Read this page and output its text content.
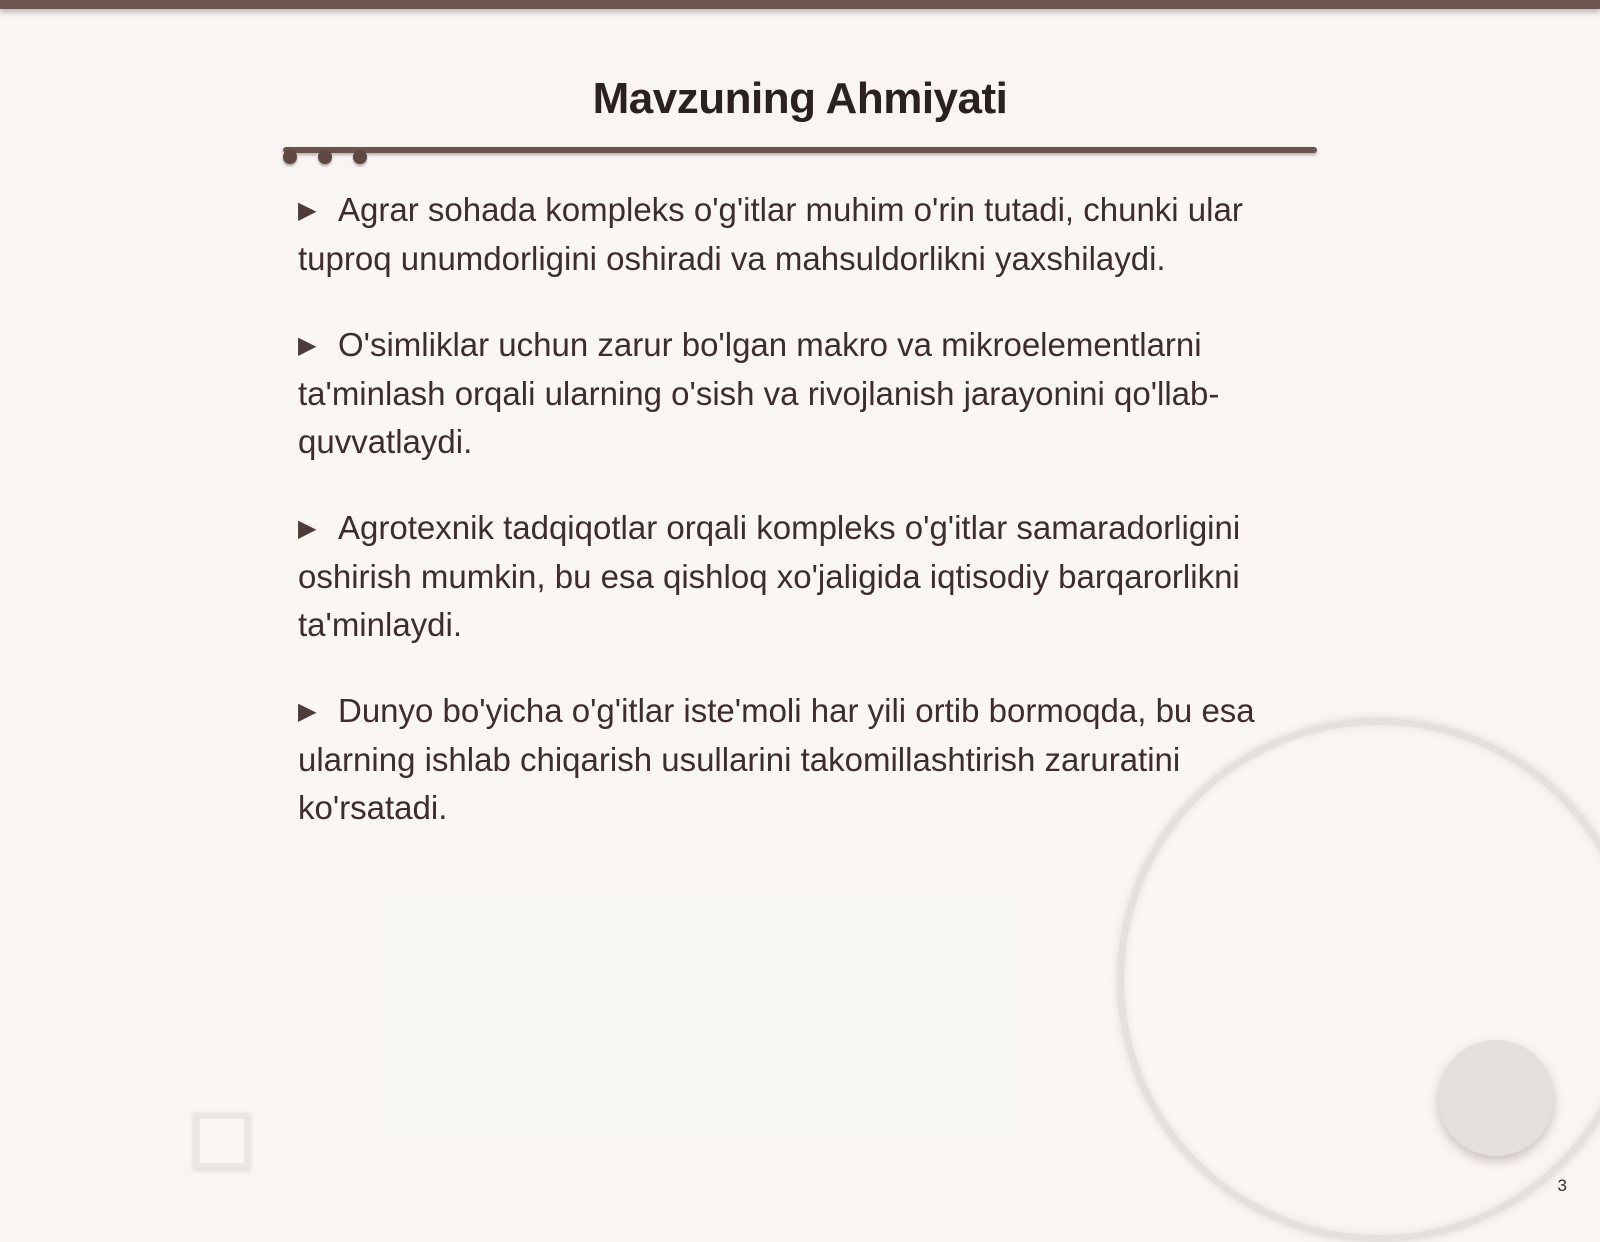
Mavzuning Ahmiyati
▶ Agrar sohada kompleks o'g'itlar muhim o'rin tutadi, chunki ular tuproq unumdorligini oshiradi va mahsuldorlikni yaxshilaydi.
▶ O'simliklar uchun zarur bo'lgan makro va mikroelementlarni ta'minlash orqali ularning o'sish va rivojlanish jarayonini qo'llab-quvvatlaydi.
▶ Agrotexnik tadqiqotlar orqali kompleks o'g'itlar samaradorligini oshirish mumkin, bu esa qishloq xo'jaligida iqtisodiy barqarorlikni ta'minlaydi.
▶ Dunyo bo'yicha o'g'itlar iste'moli har yili ortib bormoqda, bu esa ularning ishlab chiqarish usullarini takomillashtirish zaruratini ko'rsatadi.
3
